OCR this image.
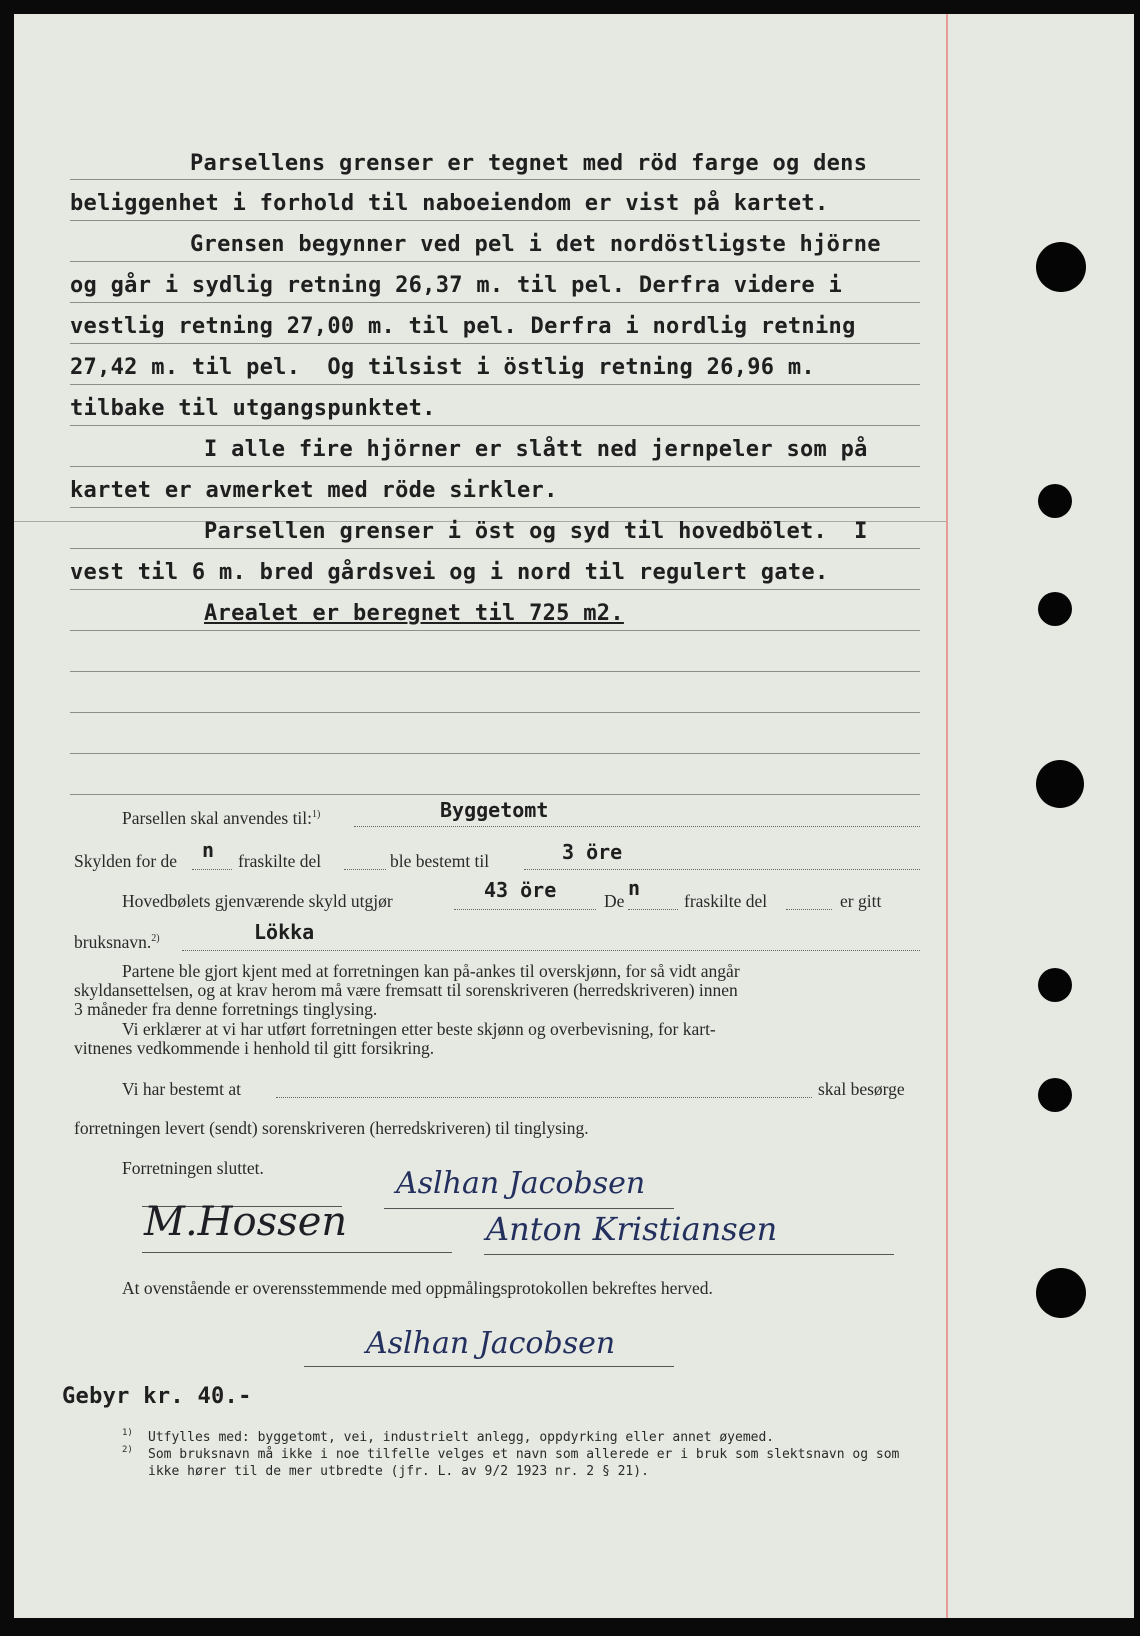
Parsellens grenser er tegnet med röd farge og dens
beliggenhet i forhold til naboeiendom er vist på kartet.
Grensen begynner ved pel i det nordöstligste hjörne
og går i sydlig retning 26,37 m. til pel. Derfra videre i
vestlig retning 27,00 m. til pel. Derfra i nordlig retning
27,42 m. til pel.  Og tilsist i östlig retning 26,96 m.
tilbake til utgangspunktet.
I alle fire hjörner er slått ned jernpeler som på
kartet er avmerket med röde sirkler.
Parsellen grenser i öst og syd til hovedbölet.  I
vest til 6 m. bred gårdsvei og i nord til regulert gate.
Arealet er beregnet til 725 m2.
Parsellen skal anvendes til:$^{1)}$	Byggetomt
Skylden for de n fraskilte del	ble bestemt til	3 öre
Hovedbølets gjenværende skyld utgjør	43 öre	De
n
fraskilte del	er gitt
bruksnavn.$^{2)}$	Lökka
Partene ble gjort kjent med at forretningen kan på-ankes til overskjønn, for så vidt angår
skyldansettelsen, og at krav herom må være fremsatt til sorenskriveren (herredskriveren) innen
3 måneder fra denne forretnings tinglysing.
Vi erklærer at vi har utført forretningen etter beste skjønn og overbevisning, for kart-
vitnenes vedkommende i henhold til gitt forsikring.
Vi har bestemt at	skal besørge
forretningen levert (sendt) sorenskriveren (herredskriveren) til tinglysing.
Forretningen sluttet.	Aslhan Jacobsen
M.Hossen	Anton Kristiansen
At ovenstående er overensstemmende med oppmålingsprotokollen bekreftes herved.
Aslhan Jacobsen
Gebyr kr. 40.-
1) Utfylles med: byggetomt, vei, industrielt anlegg, oppdyrking eller annet øyemed.
2) Som bruksnavn må ikke i noe tilfelle velges et navn som allerede er i bruk som slektsnavn og som
ikke hører til de mer utbredte (jfr. L. av 9/2 1923 nr. 2 § 21).
